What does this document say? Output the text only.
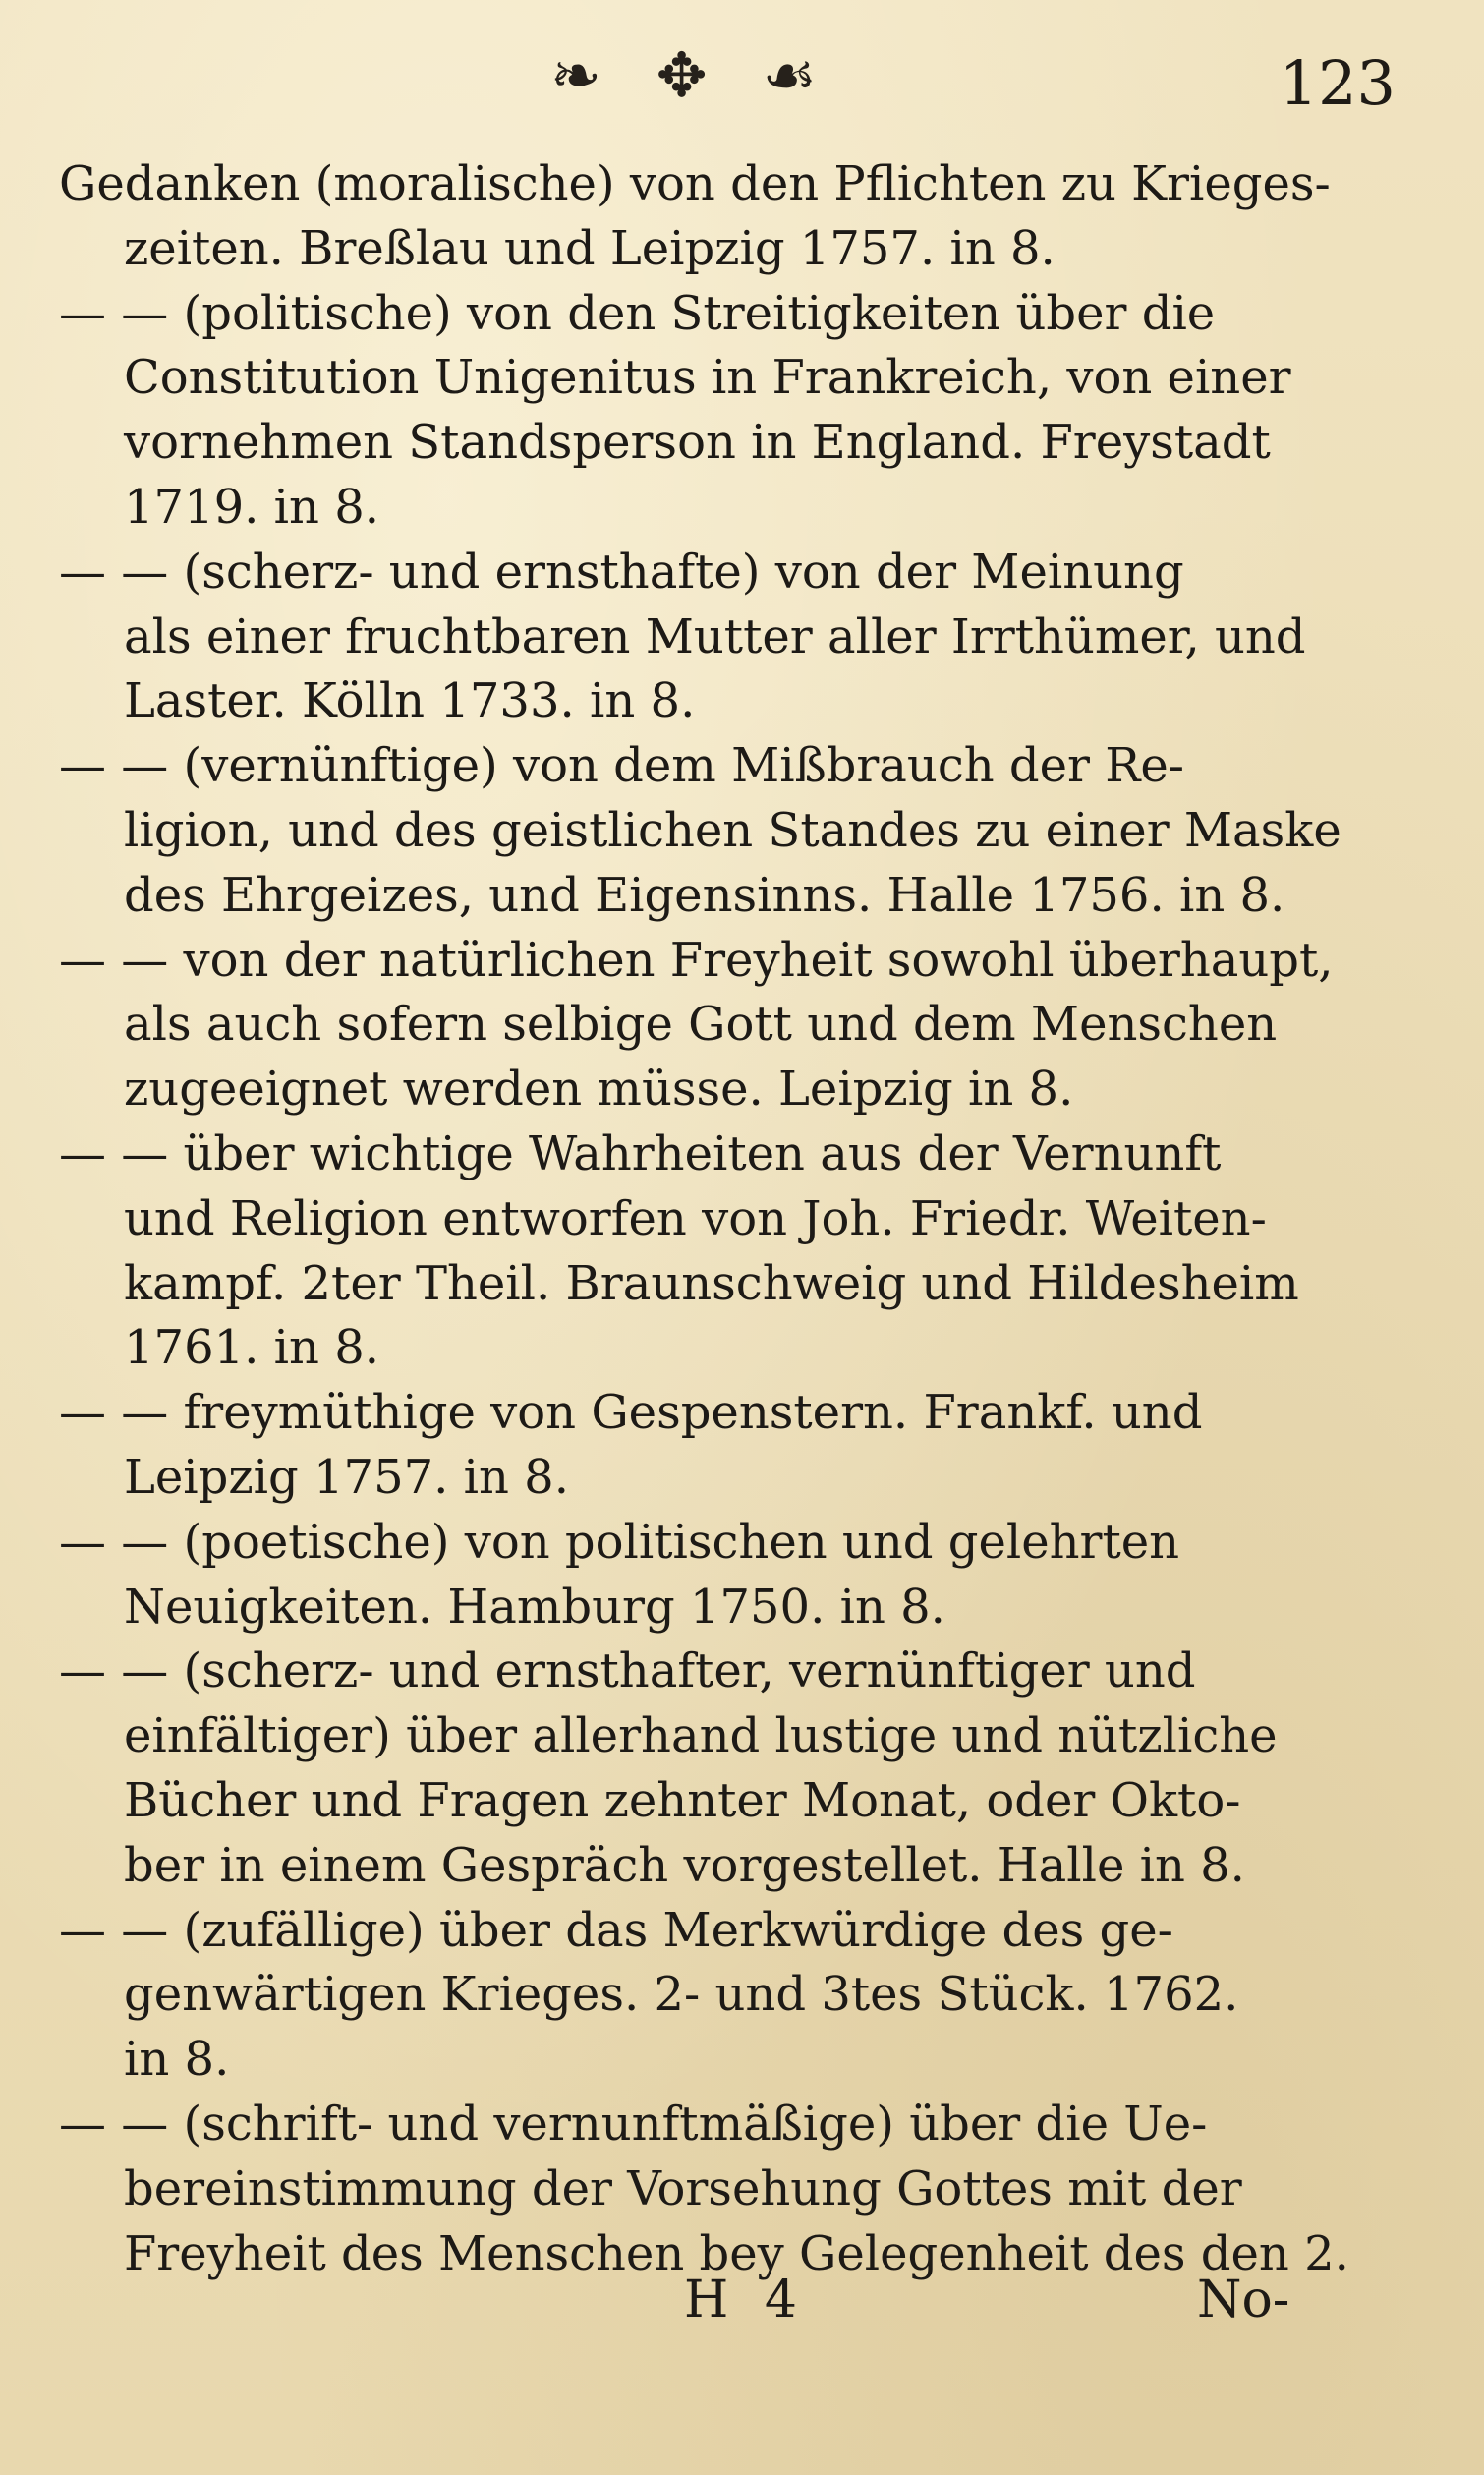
❧ ✥ ☙	123
Gedanken (moralische) von den Pflichten zu Krieges-
zeiten. Breßlau und Leipzig 1757. in 8.
— — (politische) von den Streitigkeiten über die
Constitution Unigenitus in Frankreich, von einer
vornehmen Standsperson in England. Freystadt
1719. in 8.
— — (scherz- und ernsthafte) von der Meinung
als einer fruchtbaren Mutter aller Irrthümer, und
Laster. Kölln 1733. in 8.
— — (vernünftige) von dem Mißbrauch der Re-
ligion, und des geistlichen Standes zu einer Maske
des Ehrgeizes, und Eigensinns. Halle 1756. in 8.
— — von der natürlichen Freyheit sowohl überhaupt,
als auch sofern selbige Gott und dem Menschen
zugeeignet werden müsse. Leipzig in 8.
— — über wichtige Wahrheiten aus der Vernunft
und Religion entworfen von Joh. Friedr. Weiten-
kampf. 2ter Theil. Braunschweig und Hildesheim
1761. in 8.
— — freymüthige von Gespenstern. Frankf. und
Leipzig 1757. in 8.
— — (poetische) von politischen und gelehrten
Neuigkeiten. Hamburg 1750. in 8.
— — (scherz- und ernsthafter, vernünftiger und
einfältiger) über allerhand lustige und nützliche
Bücher und Fragen zehnter Monat, oder Okto-
ber in einem Gespräch vorgestellet. Halle in 8.
— — (zufällige) über das Merkwürdige des ge-
genwärtigen Krieges. 2- und 3tes Stück. 1762.
in 8.
— — (schrift- und vernunftmäßige) über die Ue-
bereinstimmung der Vorsehung Gottes mit der
Freyheit des Menschen bey Gelegenheit des den 2.
H 4	No-
